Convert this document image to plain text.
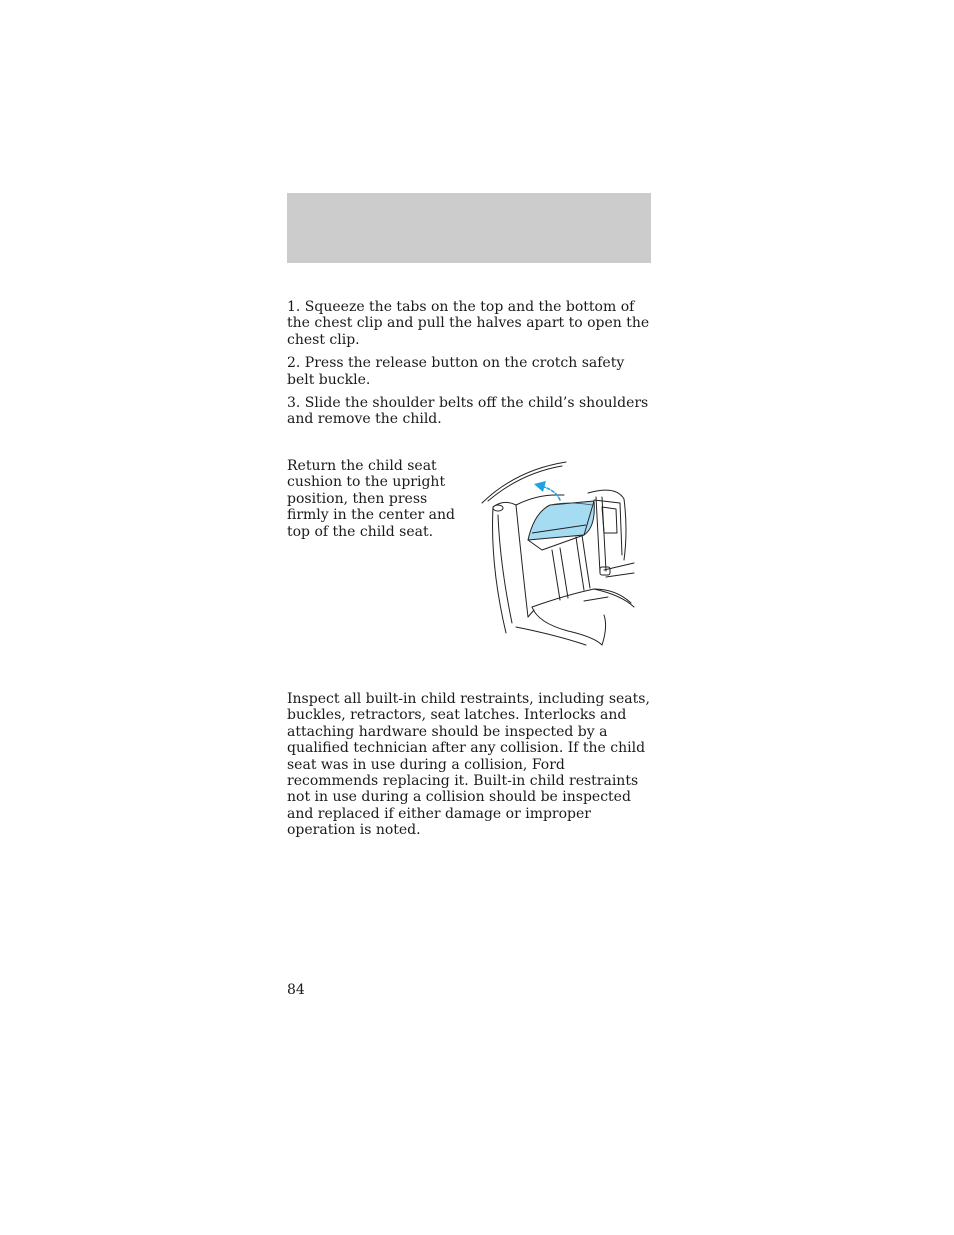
1. Squeeze the tabs on the top and the bottom of the chest clip and pull the halves apart to open the chest clip.
2. Press the release button on the crotch safety belt buckle.
3. Slide the shoulder belts off the child’s shoulders and remove the child.

Return the child seat cushion to the upright position, then press firmly in the center and top of the child seat.

Inspect all built-in child restraints, including seats, buckles, retractors, seat latches. Interlocks and attaching hardware should be inspected by a qualified technician after any collision. If the child seat was in use during a collision, Ford recommends replacing it. Built-in child restraints not in use during a collision should be inspected and replaced if either damage or improper operation is noted.

84
